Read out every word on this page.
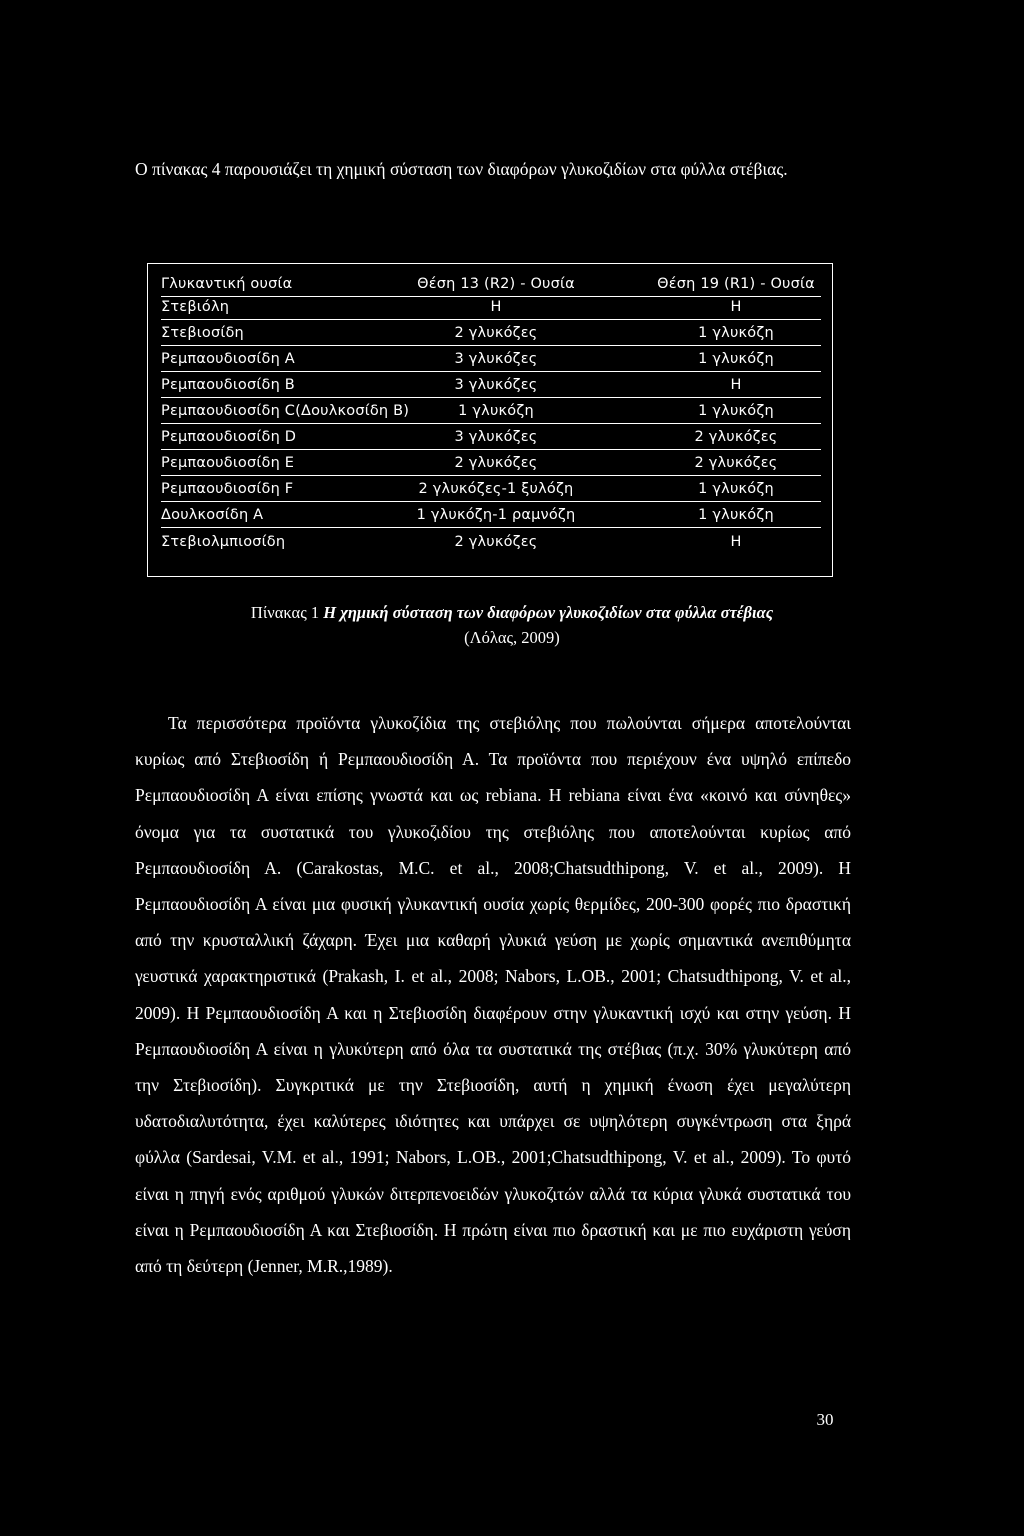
Ο πίνακας 4 παρουσιάζει τη χημική σύσταση των διαφόρων γλυκοζιδίων στα φύλλα στέβιας.

Γλυκαντική ουσία	Θέση 13 (R2) - Ουσία	Θέση 19 (R1) - Ουσία
Στεβιόλη	Η	Η
Στεβιοσίδη	2 γλυκόζες	1 γλυκόζη
Ρεμπαουδιοσίδη Α	3 γλυκόζες	1 γλυκόζη
Ρεμπαουδιοσίδη Β	3 γλυκόζες	Η
Ρεμπαουδιοσίδη C(Δουλκοσίδη Β)	1 γλυκόζη	1 γλυκόζη
Ρεμπαουδιοσίδη D	3 γλυκόζες	2 γλυκόζες
Ρεμπαουδιοσίδη Ε	2 γλυκόζες	2 γλυκόζες
Ρεμπαουδιοσίδη F	2 γλυκόζες-1 ξυλόζη	1 γλυκόζη
Δουλκοσίδη Α	1 γλυκόζη-1 ραμνόζη	1 γλυκόζη
Στεβιολμπιοσίδη	2 γλυκόζες	Η
Πίνακας 1 Η χημική σύσταση των διαφόρων γλυκοζιδίων στα φύλλα στέβιας
(Λόλας, 2009)

Τα περισσότερα προϊόντα γλυκοζίδια της στεβιόλης που πωλούνται σήμερα αποτελούνται κυρίως από Στεβιοσίδη ή Ρεμπαουδιοσίδη Α. Τα προϊόντα που περιέχουν ένα υψηλό επίπεδο Ρεμπαουδιοσίδη Α είναι επίσης γνωστά και ως rebiana. Η rebiana είναι ένα «κοινό και σύνηθες» όνομα για τα συστατικά του γλυκοζιδίου της στεβιόλης που αποτελούνται κυρίως από Ρεμπαουδιοσίδη Α. (Carakostas, M.C. et al., 2008;Chatsudthipong, V. et al., 2009). Η Ρεμπαουδιοσίδη Α είναι μια φυσική γλυκαντική ουσία χωρίς θερμίδες, 200-300 φορές πιο δραστική από την κρυσταλλική ζάχαρη. Έχει μια καθαρή γλυκιά γεύση με χωρίς σημαντικά ανεπιθύμητα γευστικά χαρακτηριστικά (Prakash, I. et al., 2008; Nabors, L.OB., 2001; Chatsudthipong, V. et al., 2009). Η Ρεμπαουδιοσίδη Α και η Στεβιοσίδη διαφέρουν στην γλυκαντική ισχύ και στην γεύση. Η Ρεμπαουδιοσίδη Α είναι η γλυκύτερη από όλα τα συστατικά της στέβιας (π.χ. 30% γλυκύτερη από την Στεβιοσίδη). Συγκριτικά με την Στεβιοσίδη, αυτή η χημική ένωση έχει μεγαλύτερη υδατοδιαλυτότητα, έχει καλύτερες ιδιότητες και υπάρχει σε υψηλότερη συγκέντρωση στα ξηρά φύλλα (Sardesai, V.M. et al., 1991; Nabors, L.OB., 2001;Chatsudthipong, V. et al., 2009). Το φυτό είναι η πηγή ενός αριθμού γλυκών διτερπενοειδών γλυκοζιτών αλλά τα κύρια γλυκά συστατικά του είναι η Ρεμπαουδιοσίδη Α και Στεβιοσίδη. Η πρώτη είναι πιο δραστική και με πιο ευχάριστη γεύση από τη δεύτερη (Jenner, M.R.,1989).

30
